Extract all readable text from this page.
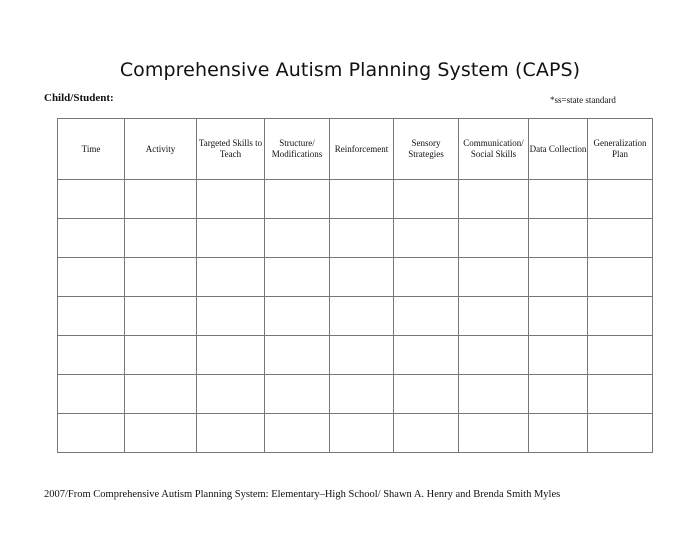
Comprehensive Autism Planning System (CAPS)
Child/Student:	*ss=state standard
Time	Activity	Targeted Skills to Teach	Structure/ Modifications	Reinforcement	Sensory Strategies	Communication/ Social Skills	Data Collection	Generalization Plan

2007/From Comprehensive Autism Planning System: Elementary–High School/ Shawn A. Henry and Brenda Smith Myles
